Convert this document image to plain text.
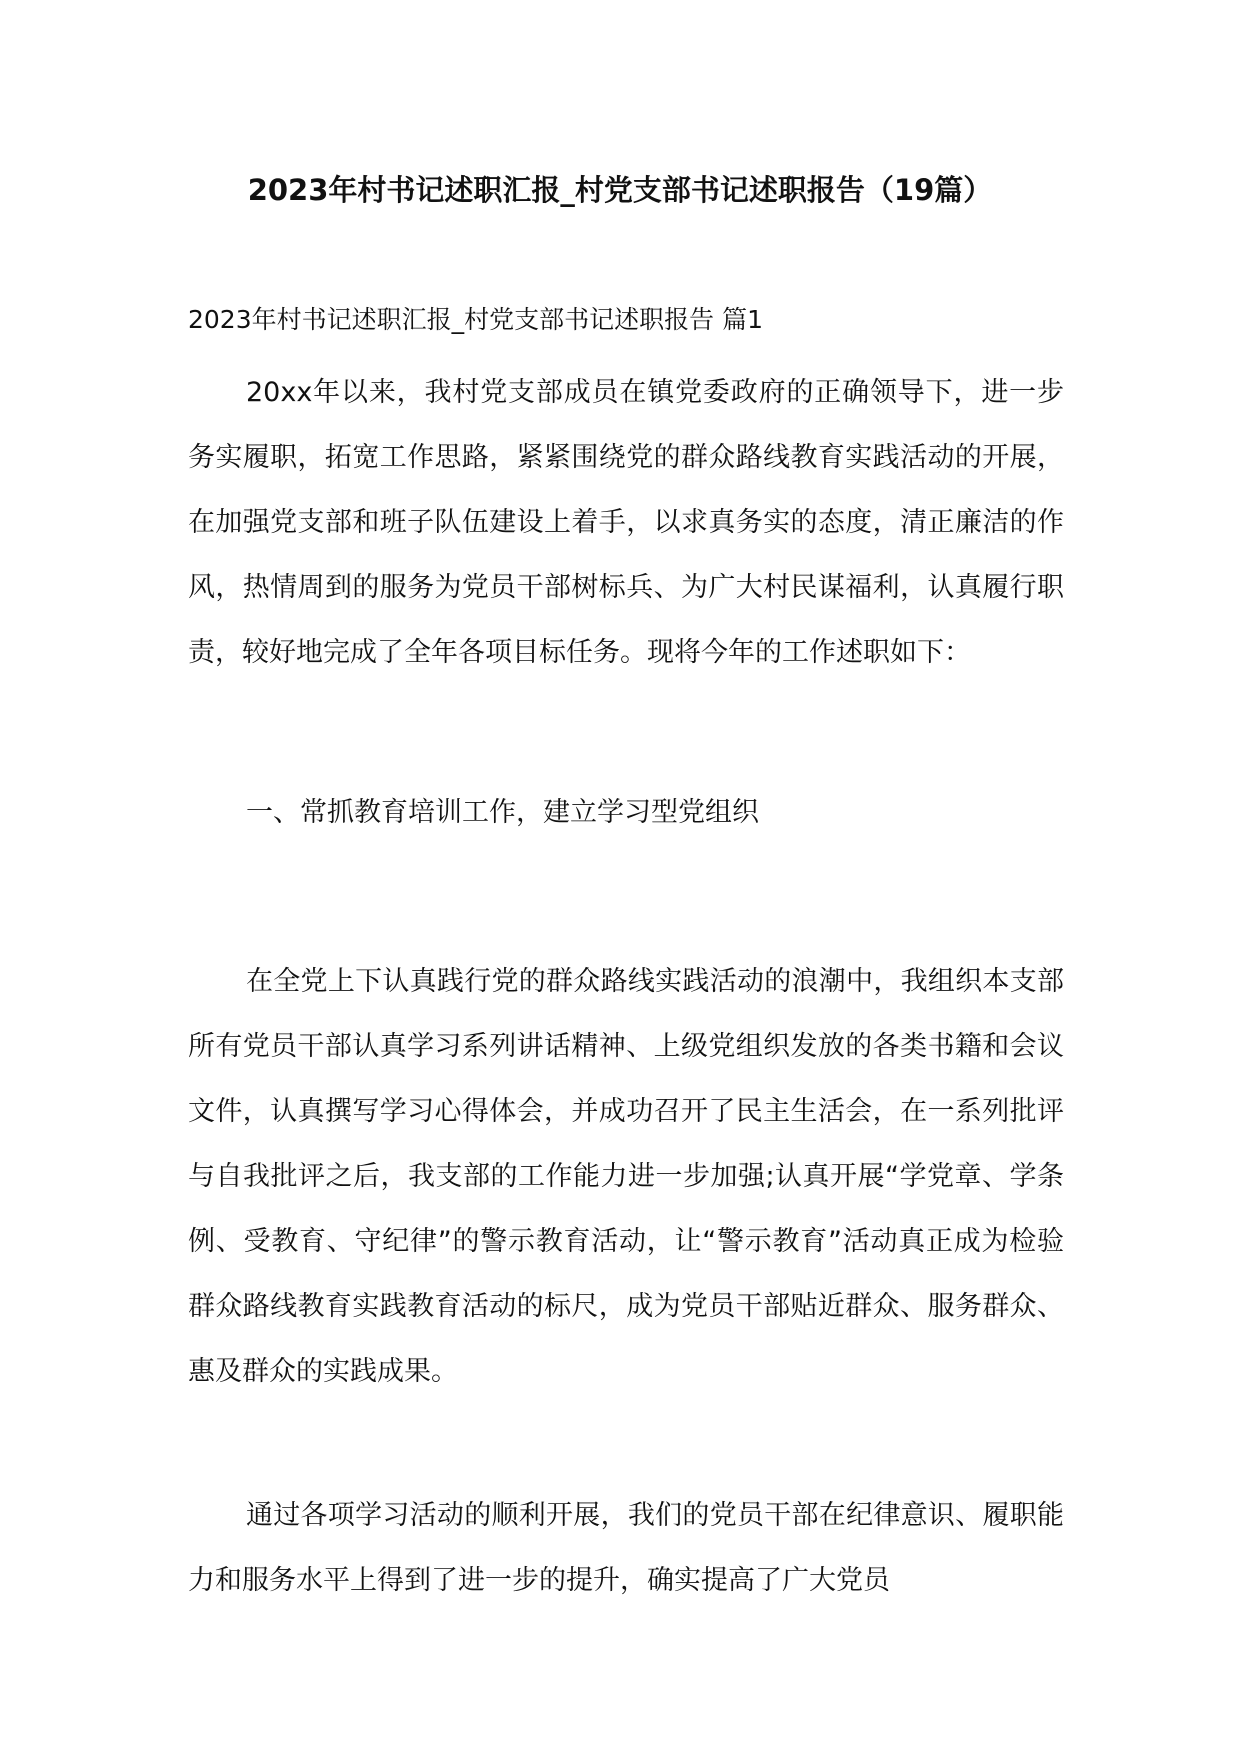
2023年村书记述职汇报_村党支部书记述职报告（19篇）

2023年村书记述职汇报_村党支部书记述职报告 篇1

20xx年以来，我村党支部成员在镇党委政府的正确领导下，进一步务实履职，拓宽工作思路，紧紧围绕党的群众路线教育实践活动的开展，在加强党支部和班子队伍建设上着手，以求真务实的态度，清正廉洁的作风，热情周到的服务为党员干部树标兵、为广大村民谋福利，认真履行职责，较好地完成了全年各项目标任务。现将今年的工作述职如下：

一、常抓教育培训工作，建立学习型党组织

在全党上下认真践行党的群众路线实践活动的浪潮中，我组织本支部所有党员干部认真学习系列讲话精神、上级党组织发放的各类书籍和会议文件，认真撰写学习心得体会，并成功召开了民主生活会，在一系列批评与自我批评之后，我支部的工作能力进一步加强;认真开展“学党章、学条例、受教育、守纪律”的警示教育活动，让“警示教育”活动真正成为检验群众路线教育实践教育活动的标尺，成为党员干部贴近群众、服务群众、惠及群众的实践成果。

通过各项学习活动的顺利开展，我们的党员干部在纪律意识、履职能力和服务水平上得到了进一步的提升，确实提高了广大党员
